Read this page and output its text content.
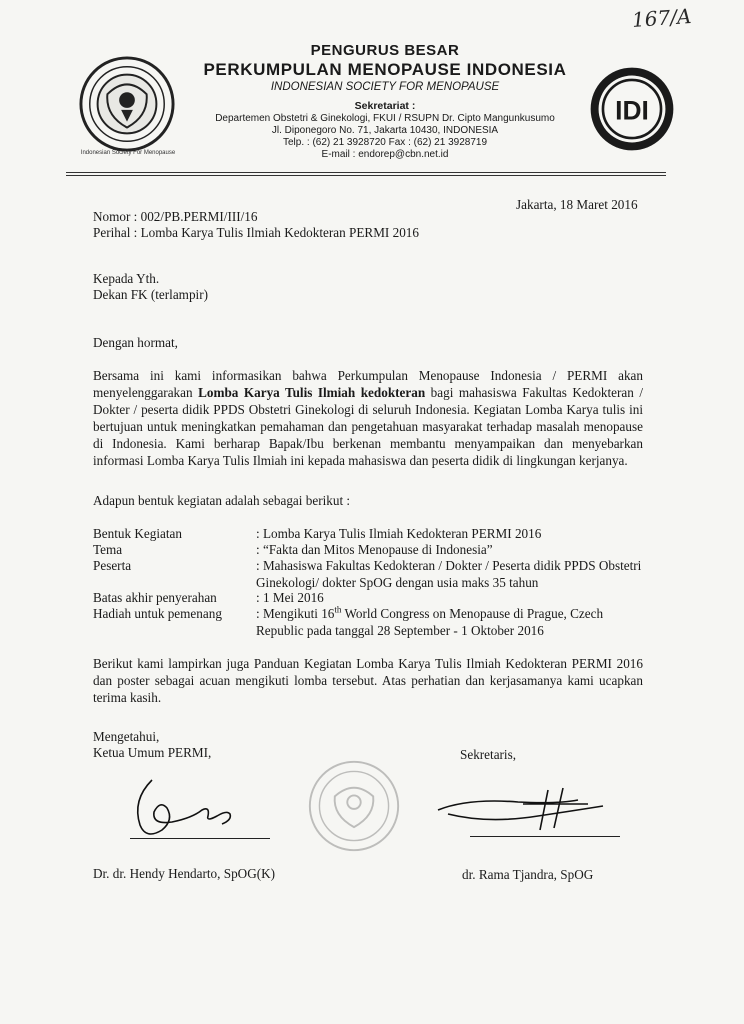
167/A
Indonesian Society For Menopause
IDI
PENGURUS BESAR
PERKUMPULAN MENOPAUSE INDONESIA
INDONESIAN SOCIETY FOR MENOPAUSE
Sekretariat :
Departemen Obstetri & Ginekologi, FKUI / RSUPN Dr. Cipto Mangunkusumo
Jl. Diponegoro No. 71, Jakarta 10430, INDONESIA
Telp. : (62) 21 3928720 Fax : (62) 21 3928719
E-mail : endorep@cbn.net.id
Jakarta, 18 Maret 2016
Nomor : 002/PB.PERMI/III/16
Perihal : Lomba Karya Tulis Ilmiah Kedokteran PERMI 2016
Kepada Yth.
Dekan FK (terlampir)
Dengan hormat,
Bersama ini kami informasikan bahwa Perkumpulan Menopause Indonesia / PERMI akan menyelenggarakan Lomba Karya Tulis Ilmiah kedokteran bagi mahasiswa Fakultas Kedokteran / Dokter / peserta didik PPDS Obstetri Ginekologi di seluruh Indonesia. Kegiatan Lomba Karya tulis ini bertujuan untuk meningkatkan pemahaman dan pengetahuan masyarakat terhadap masalah menopause di Indonesia. Kami berharap Bapak/Ibu berkenan membantu menyampaikan dan menyebarkan informasi Lomba Karya Tulis Ilmiah ini kepada mahasiswa dan peserta didik di lingkungan kerjanya.
Adapun bentuk kegiatan adalah sebagai berikut :
Bentuk Kegiatan	: Lomba Karya Tulis Ilmiah Kedokteran PERMI 2016
Tema	: “Fakta dan Mitos Menopause di Indonesia”
Peserta	: Mahasiswa Fakultas Kedokteran / Dokter / Peserta didik PPDS Obstetri Ginekologi/ dokter SpOG dengan usia maks 35 tahun
Batas akhir penyerahan	: 1 Mei 2016
Hadiah untuk pemenang	: Mengikuti 16th World Congress on Menopause di Prague, Czech Republic pada tanggal 28 September - 1 Oktober 2016
Berikut kami lampirkan juga Panduan Kegiatan Lomba Karya Tulis Ilmiah Kedokteran PERMI 2016 dan poster sebagai acuan mengikuti lomba tersebut. Atas perhatian dan kerjasamanya kami ucapkan terima kasih.
Mengetahui,
Ketua Umum PERMI,	Sekretaris,
Dr. dr. Hendy Hendarto, SpOG(K)	dr. Rama Tjandra, SpOG
